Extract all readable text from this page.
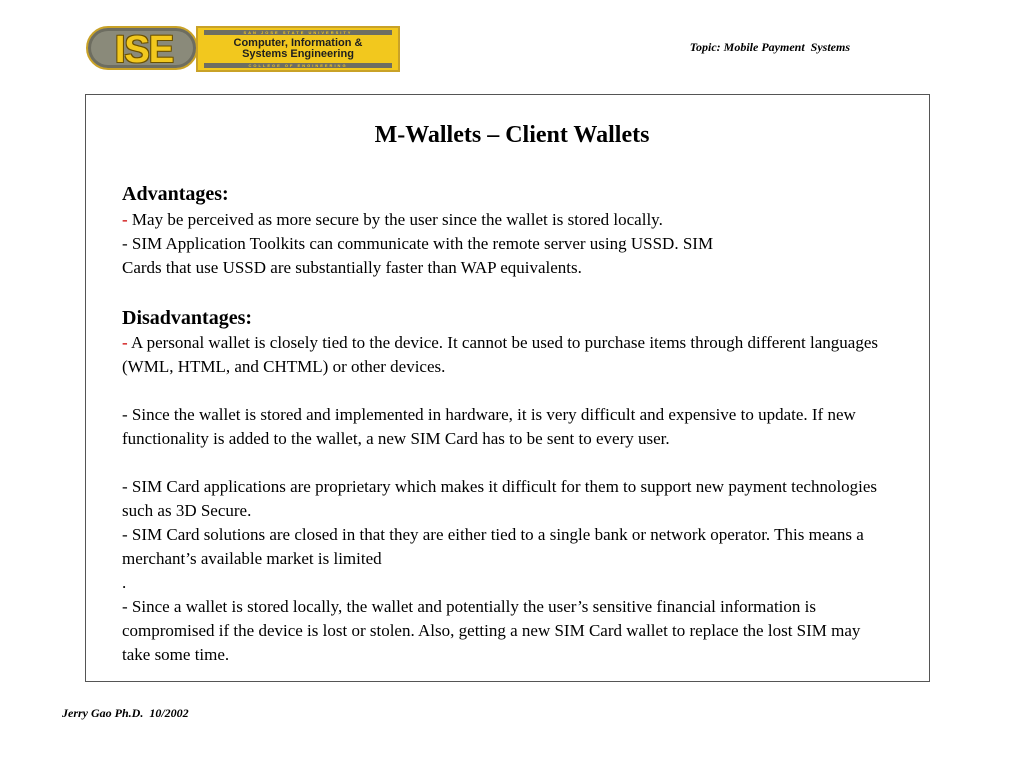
ISE	SAN JOSE STATE UNIVERSITY
Computer, Information &
Systems Engineering
COLLEGE OF ENGINEERING
Topic: Mobile Payment  Systems
M-Wallets – Client Wallets
Advantages:
- May be perceived as more secure by the user since the wallet is stored locally.
- SIM Application Toolkits can communicate with the remote server using USSD. SIM
Cards that use USSD are substantially faster than WAP equivalents.
Disadvantages:
- A personal wallet is closely tied to the device. It cannot be used to purchase items through different languages (WML, HTML, and CHTML) or other devices.
- Since the wallet is stored and implemented in hardware, it is very difficult and expensive to update. If new functionality is added to the wallet, a new SIM Card has to be sent to every user.
- SIM Card applications are proprietary which makes it difficult for them to support new payment technologies such as 3D Secure.
- SIM Card solutions are closed in that they are either tied to a single bank or network operator. This means a merchant’s available market is limited
.
- Since a wallet is stored locally, the wallet and potentially the user’s sensitive financial information is compromised if the device is lost or stolen. Also, getting a new SIM Card wallet to replace the lost SIM may take some time.
Jerry Gao Ph.D.  10/2002
